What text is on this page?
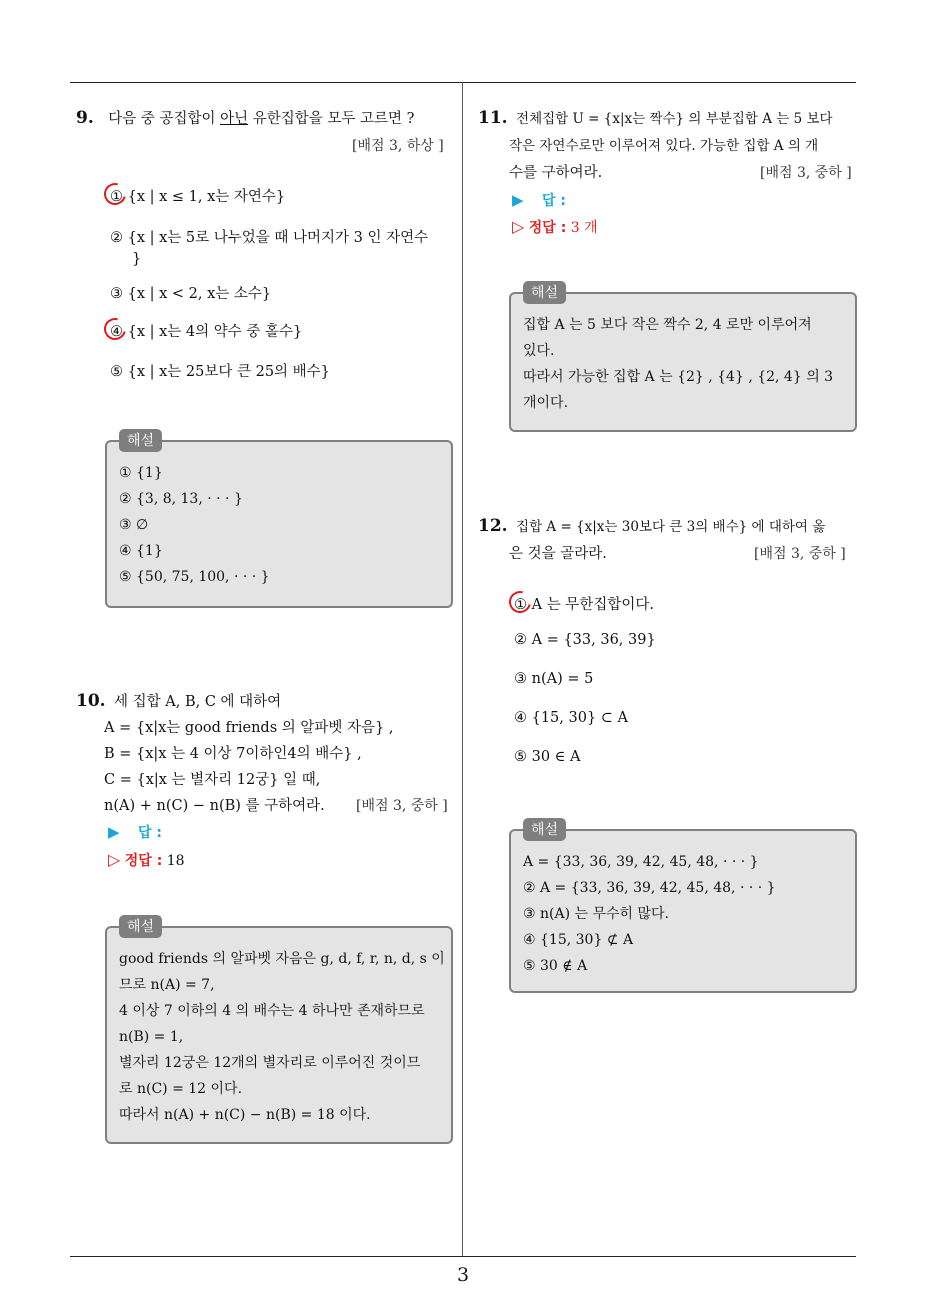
9. 다음 중 공집합이 아닌 유한집합을 모두 고르면 ?
[배점 3, 하상 ]
① {x | x ≤ 1, x는 자연수}
② {x | x는 5로 나누었을 때 나머지가 3 인 자연수
}
③ {x | x < 2, x는 소수}
④ {x | x는 4의 약수 중 홀수}
⑤ {x | x는 25보다 큰 25의 배수}
해설
① {1}
② {3, 8, 13, · · · }
③ ∅
④ {1}
⑤ {50, 75, 100, · · · }
10. 세 집합 A, B, C 에 대하여
A = {x|x는 good friends 의 알파벳 자음} ,
B = {x|x 는 4 이상 7이하인4의 배수} ,
C = {x|x 는 별자리 12궁} 일 때,
n(A) + n(C) − n(B) 를 구하여라. [배점 3, 중하 ]
▶ 답 :
▷ 정답 : 18
해설
good friends 의 알파벳 자음은 g, d, f, r, n, d, s 이
므로 n(A) = 7,
4 이상 7 이하의 4 의 배수는 4 하나만 존재하므로
n(B) = 1,
별자리 12궁은 12개의 별자리로 이루어진 것이므
로 n(C) = 12 이다.
따라서 n(A) + n(C) − n(B) = 18 이다.
11. 전체집합 U = {x|x는 짝수} 의 부분집합 A 는 5 보다
작은 자연수로만 이루어져 있다. 가능한 집합 A 의 개
수를 구하여라.	[배점 3, 중하 ]
▶ 답 :
▷ 정답 : 3 개
해설
집합 A 는 5 보다 작은 짝수 2, 4 로만 이루어져
있다.
따라서 가능한 집합 A 는 {2} , {4} , {2, 4} 의 3
개이다.
12. 집합 A = {x|x는 30보다 큰 3의 배수} 에 대하여 옳
은 것을 골라라.	[배점 3, 중하 ]
① A 는 무한집합이다.
② A = {33, 36, 39}
③ n(A) = 5
④ {15, 30} ⊂ A
⑤ 30 ∈ A
해설
A = {33, 36, 39, 42, 45, 48, · · · }
② A = {33, 36, 39, 42, 45, 48, · · · }
③ n(A) 는 무수히 많다.
④ {15, 30} ⊄ A
⑤ 30 ∉ A
3
